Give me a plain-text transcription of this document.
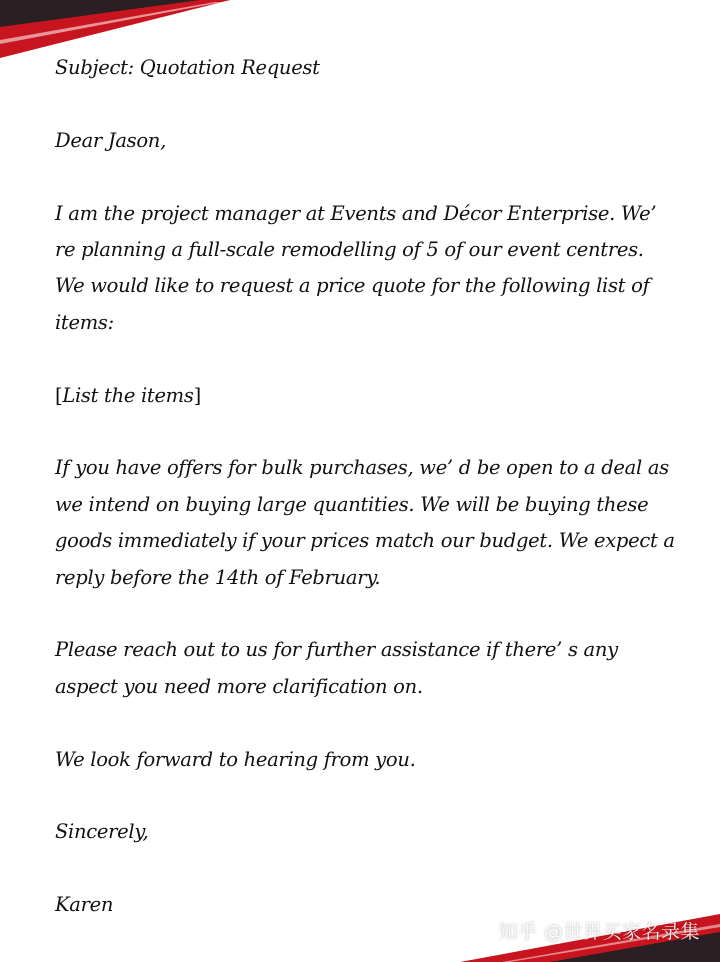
Subject: Quotation Request

Dear Jason,

I am the project manager at Events and Décor Enterprise. We’ re planning a full-scale remodelling of 5 of our event centres. We would like to request a price quote for the following list of items:

[List the items]

If you have offers for bulk purchases, we’ d be open to a deal as we intend on buying large quantities. We will be buying these goods immediately if your prices match our budget. We expect a reply before the 14th of February.

Please reach out to us for further assistance if there’ s any aspect you need more clarification on.

We look forward to hearing from you.

Sincerely,

Karen

知乎 @世界买家名录集
